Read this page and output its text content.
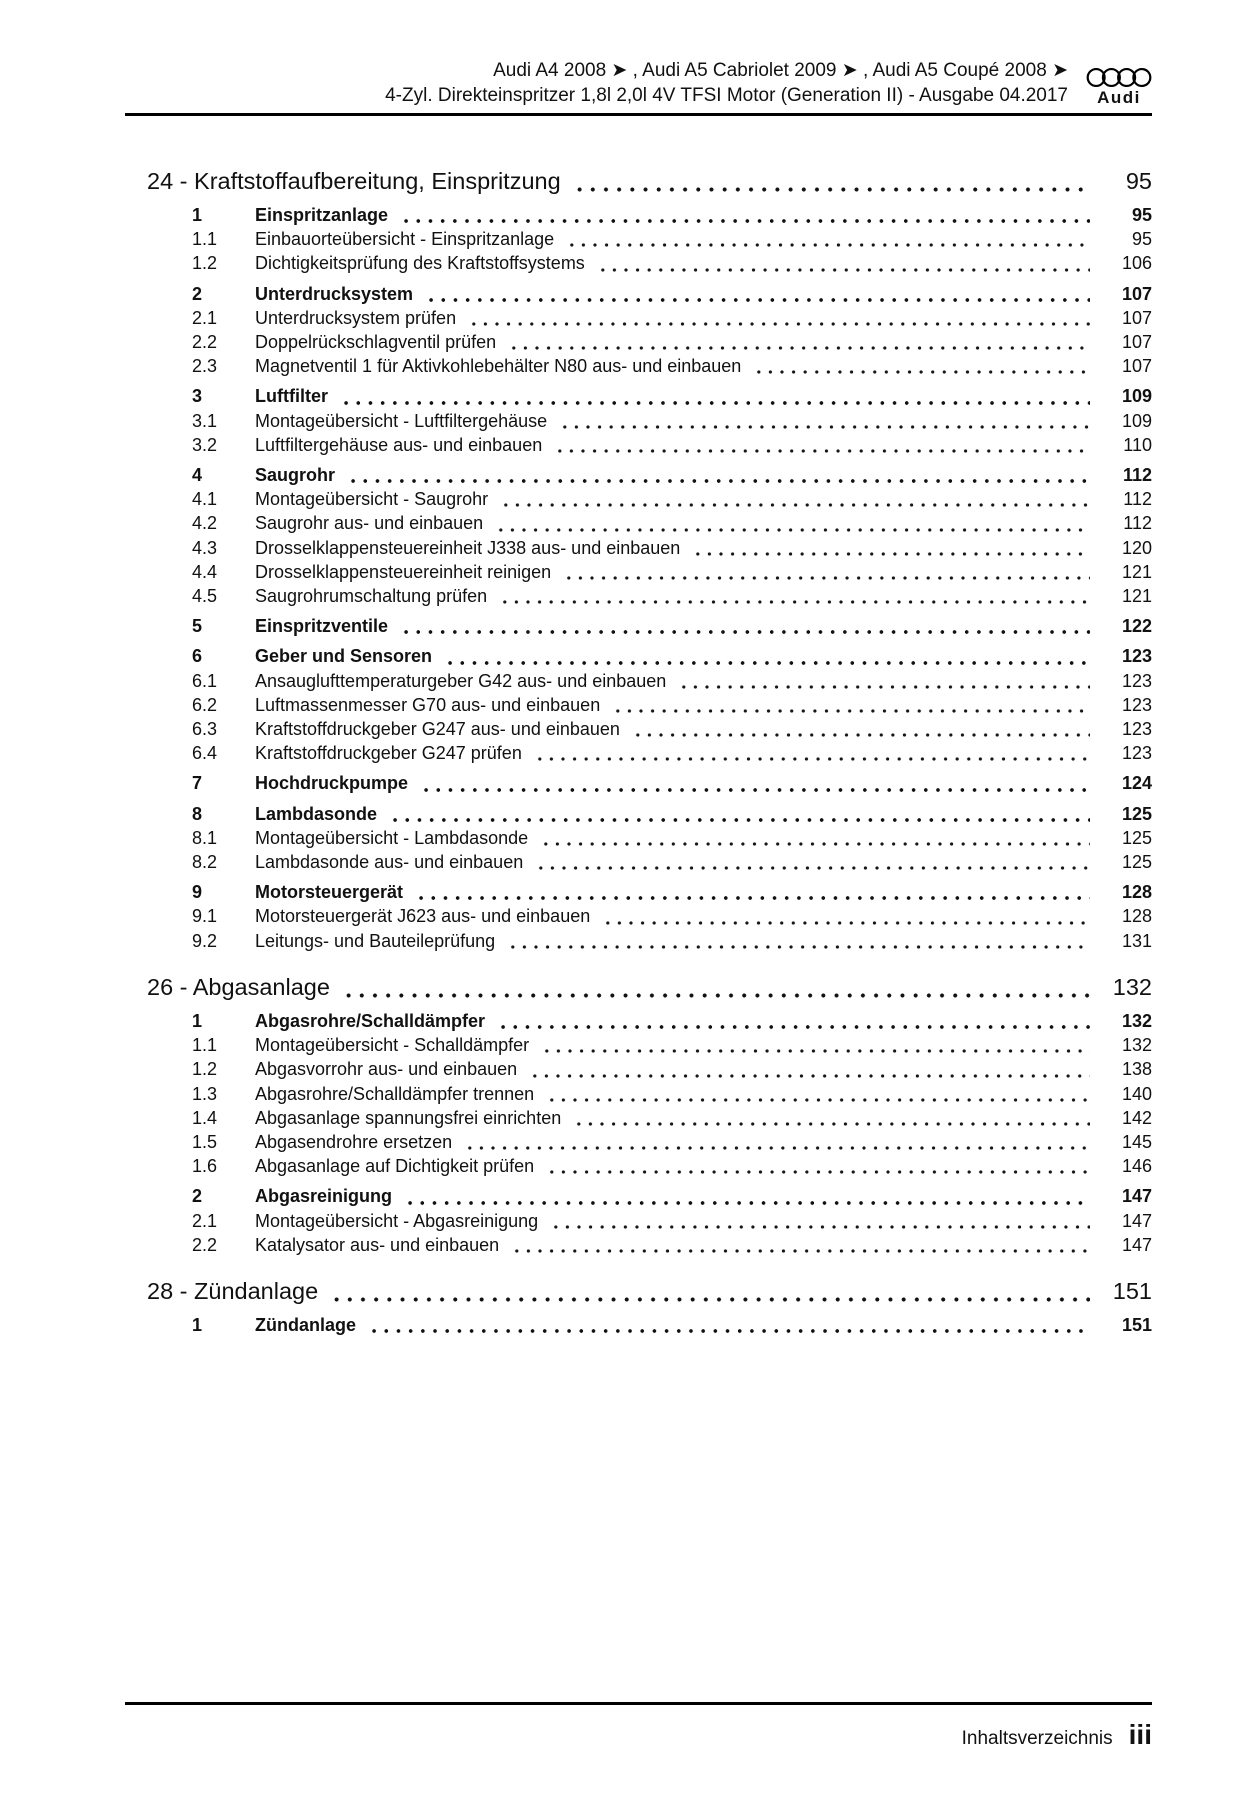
Audi A4 2008 ➤ , Audi A5 Cabriolet 2009 ➤ , Audi A5 Coupé 2008 ➤
4-Zyl. Direkteinspritzer 1,8l 2,0l 4V TFSI Motor (Generation II) - Ausgabe 04.2017 Audi
24 - Kraftstoffaufbereitung, Einspritzung	95
1	Einspritzanlage	95
1.1	Einbauorteübersicht - Einspritzanlage	95
1.2	Dichtigkeitsprüfung des Kraftstoffsystems	106
2	Unterdrucksystem	107
2.1	Unterdrucksystem prüfen	107
2.2	Doppelrückschlagventil prüfen	107
2.3	Magnetventil 1 für Aktivkohlebehälter N80 aus- und einbauen	107
3	Luftfilter	109
3.1	Montageübersicht - Luftfiltergehäuse	109
3.2	Luftfiltergehäuse aus- und einbauen	110
4	Saugrohr	112
4.1	Montageübersicht - Saugrohr	112
4.2	Saugrohr aus- und einbauen	112
4.3	Drosselklappensteuereinheit J338 aus- und einbauen	120
4.4	Drosselklappensteuereinheit reinigen	121
4.5	Saugrohrumschaltung prüfen	121
5	Einspritzventile	122
6	Geber und Sensoren	123
6.1	Ansauglufttemperaturgeber G42 aus- und einbauen	123
6.2	Luftmassenmesser G70 aus- und einbauen	123
6.3	Kraftstoffdruckgeber G247 aus- und einbauen	123
6.4	Kraftstoffdruckgeber G247 prüfen	123
7	Hochdruckpumpe	124
8	Lambdasonde	125
8.1	Montageübersicht - Lambdasonde	125
8.2	Lambdasonde aus- und einbauen	125
9	Motorsteuergerät	128
9.1	Motorsteuergerät J623 aus- und einbauen	128
9.2	Leitungs- und Bauteileprüfung	131
26 - Abgasanlage	132
1	Abgasrohre/Schalldämpfer	132
1.1	Montageübersicht - Schalldämpfer	132
1.2	Abgasvorrohr aus- und einbauen	138
1.3	Abgasrohre/Schalldämpfer trennen	140
1.4	Abgasanlage spannungsfrei einrichten	142
1.5	Abgasendrohre ersetzen	145
1.6	Abgasanlage auf Dichtigkeit prüfen	146
2	Abgasreinigung	147
2.1	Montageübersicht - Abgasreinigung	147
2.2	Katalysator aus- und einbauen	147
28 - Zündanlage	151
1	Zündanlage	151
Inhaltsverzeichnis iii
